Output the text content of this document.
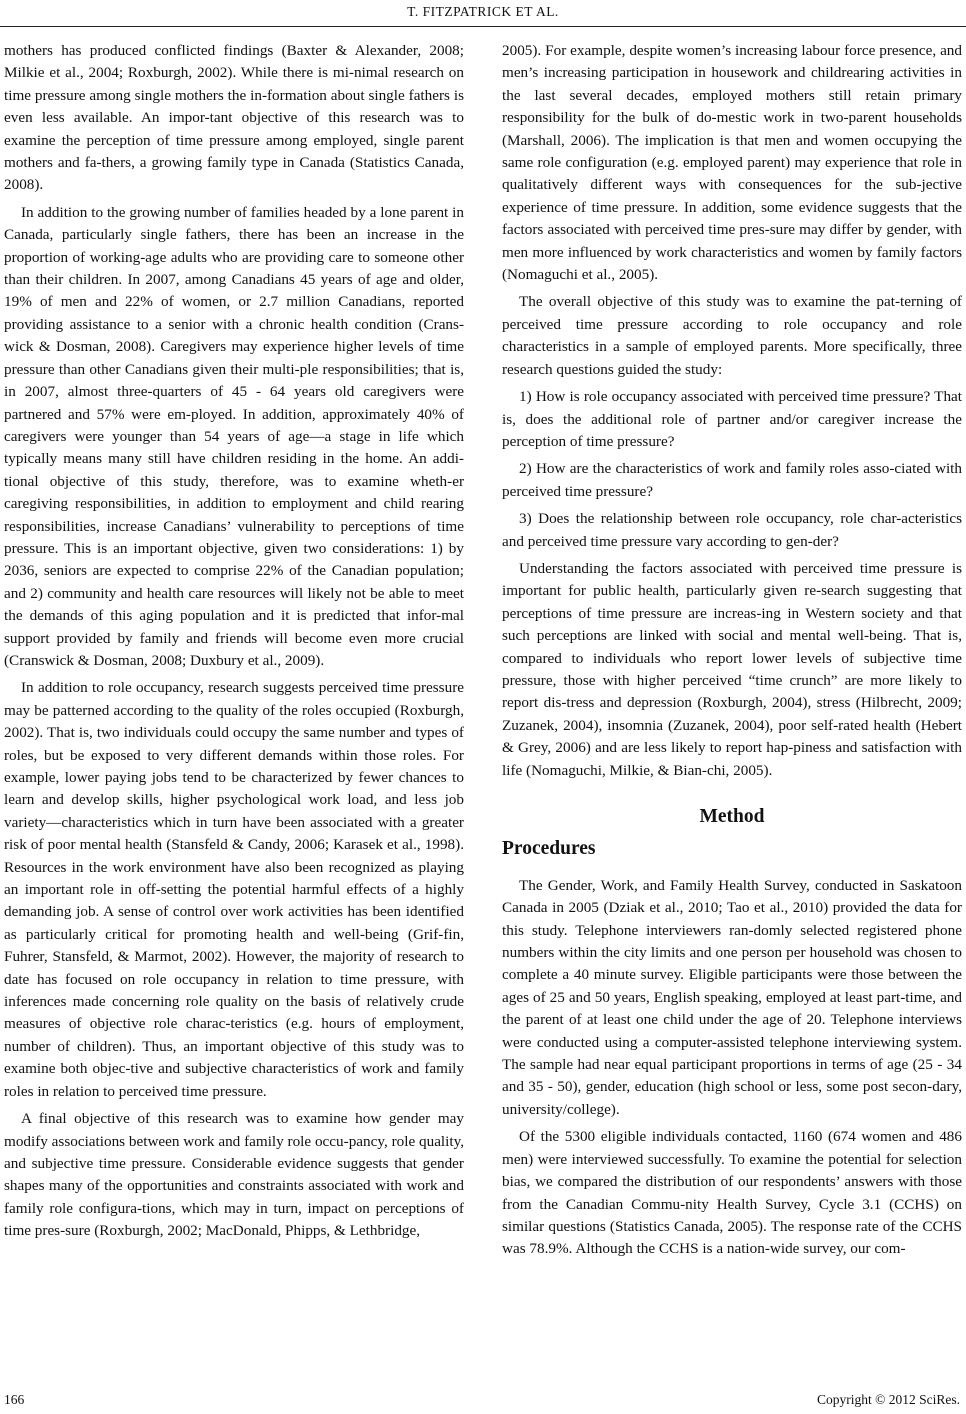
T. FITZPATRICK ET AL.

mothers has produced conflicted findings (Baxter & Alexander, 2008; Milkie et al., 2004; Roxburgh, 2002). While there is mi-nimal research on time pressure among single mothers the in-formation about single fathers is even less available. An impor-tant objective of this research was to examine the perception of time pressure among employed, single parent mothers and fa-thers, a growing family type in Canada (Statistics Canada, 2008).

In addition to the growing number of families headed by a lone parent in Canada, particularly single fathers, there has been an increase in the proportion of working-age adults who are providing care to someone other than their children. In 2007, among Canadians 45 years of age and older, 19% of men and 22% of women, or 2.7 million Canadians, reported providing assistance to a senior with a chronic health condition (Crans-wick & Dosman, 2008). Caregivers may experience higher levels of time pressure than other Canadians given their multi-ple responsibilities; that is, in 2007, almost three-quarters of 45 - 64 years old caregivers were partnered and 57% were em-ployed. In addition, approximately 40% of caregivers were younger than 54 years of age—a stage in life which typically means many still have children residing in the home. An addi-tional objective of this study, therefore, was to examine wheth-er caregiving responsibilities, in addition to employment and child rearing responsibilities, increase Canadians’ vulnerability to perceptions of time pressure. This is an important objective, given two considerations: 1) by 2036, seniors are expected to comprise 22% of the Canadian population; and 2) community and health care resources will likely not be able to meet the demands of this aging population and it is predicted that infor-mal support provided by family and friends will become even more crucial (Cranswick & Dosman, 2008; Duxbury et al., 2009).

In addition to role occupancy, research suggests perceived time pressure may be patterned according to the quality of the roles occupied (Roxburgh, 2002). That is, two individuals could occupy the same number and types of roles, but be exposed to very different demands within those roles. For example, lower paying jobs tend to be characterized by fewer chances to learn and develop skills, higher psychological work load, and less job variety—characteristics which in turn have been associated with a greater risk of poor mental health (Stansfeld & Candy, 2006; Karasek et al., 1998). Resources in the work environment have also been recognized as playing an important role in off-setting the potential harmful effects of a highly demanding job. A sense of control over work activities has been identified as particularly critical for promoting health and well-being (Grif-fin, Fuhrer, Stansfeld, & Marmot, 2002). However, the majority of research to date has focused on role occupancy in relation to time pressure, with inferences made concerning role quality on the basis of relatively crude measures of objective role charac-teristics (e.g. hours of employment, number of children). Thus, an important objective of this study was to examine both objec-tive and subjective characteristics of work and family roles in relation to perceived time pressure.

A final objective of this research was to examine how gender may modify associations between work and family role occu-pancy, role quality, and subjective time pressure. Considerable evidence suggests that gender shapes many of the opportunities and constraints associated with work and family role configura-tions, which may in turn, impact on perceptions of time pres-sure (Roxburgh, 2002; MacDonald, Phipps, & Lethbridge,

2005). For example, despite women’s increasing labour force presence, and men’s increasing participation in housework and childrearing activities in the last several decades, employed mothers still retain primary responsibility for the bulk of do-mestic work in two-parent households (Marshall, 2006). The implication is that men and women occupying the same role configuration (e.g. employed parent) may experience that role in qualitatively different ways with consequences for the sub-jective experience of time pressure. In addition, some evidence suggests that the factors associated with perceived time pres-sure may differ by gender, with men more influenced by work characteristics and women by family factors (Nomaguchi et al., 2005).

The overall objective of this study was to examine the pat-terning of perceived time pressure according to role occupancy and role characteristics in a sample of employed parents. More specifically, three research questions guided the study:

1) How is role occupancy associated with perceived time pressure? That is, does the additional role of partner and/or caregiver increase the perception of time pressure?

2) How are the characteristics of work and family roles asso-ciated with perceived time pressure?

3) Does the relationship between role occupancy, role char-acteristics and perceived time pressure vary according to gen-der?

Understanding the factors associated with perceived time pressure is important for public health, particularly given re-search suggesting that perceptions of time pressure are increas-ing in Western society and that such perceptions are linked with social and mental well-being. That is, compared to individuals who report lower levels of subjective time pressure, those with higher perceived “time crunch” are more likely to report dis-tress and depression (Roxburgh, 2004), stress (Hilbrecht, 2009; Zuzanek, 2004), insomnia (Zuzanek, 2004), poor self-rated health (Hebert & Grey, 2006) and are less likely to report hap-piness and satisfaction with life (Nomaguchi, Milkie, & Bian-chi, 2005).

Method
Procedures

The Gender, Work, and Family Health Survey, conducted in Saskatoon Canada in 2005 (Dziak et al., 2010; Tao et al., 2010) provided the data for this study. Telephone interviewers ran-domly selected registered phone numbers within the city limits and one person per household was chosen to complete a 40 minute survey. Eligible participants were those between the ages of 25 and 50 years, English speaking, employed at least part-time, and the parent of at least one child under the age of 20. Telephone interviews were conducted using a computer-assisted telephone interviewing system. The sample had near equal participant proportions in terms of age (25 - 34 and 35 - 50), gender, education (high school or less, some post secon-dary, university/college).

Of the 5300 eligible individuals contacted, 1160 (674 women and 486 men) were interviewed successfully. To examine the potential for selection bias, we compared the distribution of our respondents’ answers with those from the Canadian Commu-nity Health Survey, Cycle 3.1 (CCHS) on similar questions (Statistics Canada, 2005). The response rate of the CCHS was 78.9%. Although the CCHS is a nation-wide survey, our com-

166	Copyright © 2012 SciRes.
